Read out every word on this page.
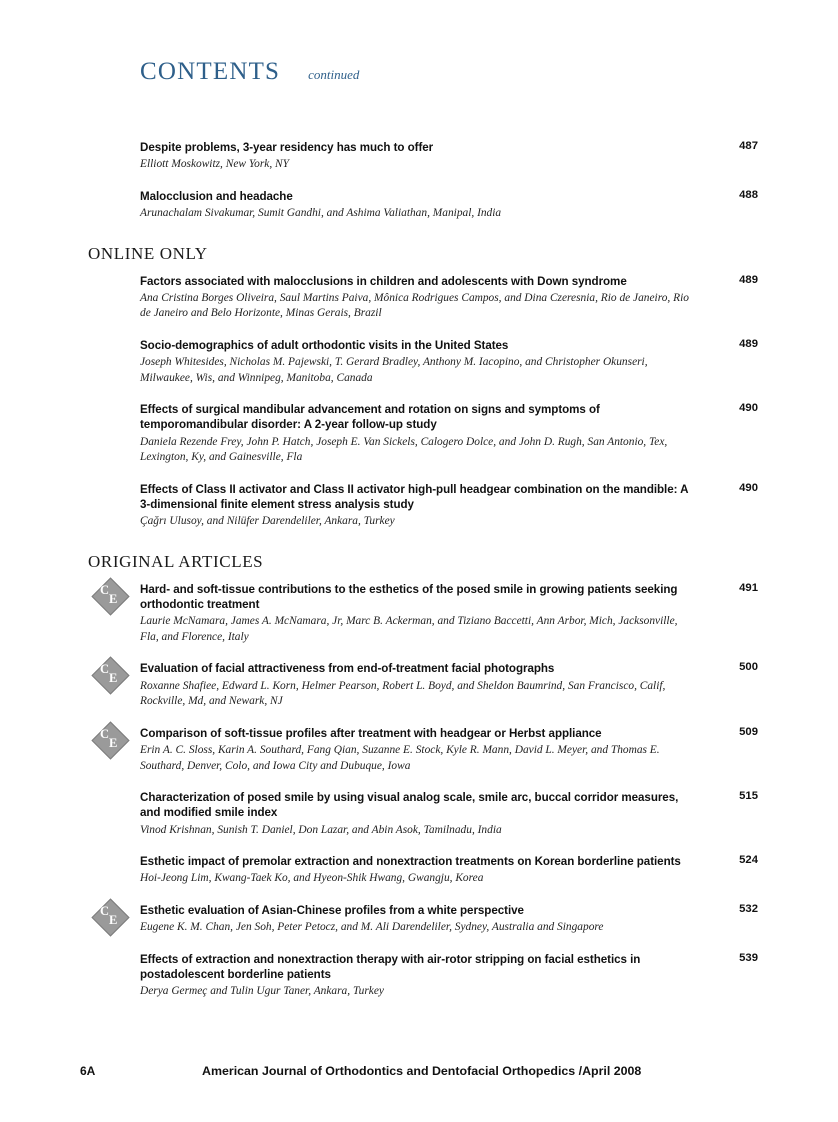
CONTENTS continued
Despite problems, 3-year residency has much to offer
Elliott Moskowitz, New York, NY
487
Malocclusion and headache
Arunachalam Sivakumar, Sumit Gandhi, and Ashima Valiathan, Manipal, India
488
ONLINE ONLY
Factors associated with malocclusions in children and adolescents with Down syndrome
Ana Cristina Borges Oliveira, Saul Martins Paiva, Mônica Rodrigues Campos, and Dina Czeresnia, Rio de Janeiro, Rio de Janeiro and Belo Horizonte, Minas Gerais, Brazil
489
Socio-demographics of adult orthodontic visits in the United States
Joseph Whitesides, Nicholas M. Pajewski, T. Gerard Bradley, Anthony M. Iacopino, and Christopher Okunseri, Milwaukee, Wis, and Winnipeg, Manitoba, Canada
489
Effects of surgical mandibular advancement and rotation on signs and symptoms of temporomandibular disorder: A 2-year follow-up study
Daniela Rezende Frey, John P. Hatch, Joseph E. Van Sickels, Calogero Dolce, and John D. Rugh, San Antonio, Tex, Lexington, Ky, and Gainesville, Fla
490
Effects of Class II activator and Class II activator high-pull headgear combination on the mandible: A 3-dimensional finite element stress analysis study
Çağrı Ulusoy, and Nilüfer Darendeliler, Ankara, Turkey
490
ORIGINAL ARTICLES
C
E
Hard- and soft-tissue contributions to the esthetics of the posed smile in growing patients seeking orthodontic treatment
Laurie McNamara, James A. McNamara, Jr, Marc B. Ackerman, and Tiziano Baccetti, Ann Arbor, Mich, Jacksonville, Fla, and Florence, Italy
491
C
E
Evaluation of facial attractiveness from end-of-treatment facial photographs
Roxanne Shafiee, Edward L. Korn, Helmer Pearson, Robert L. Boyd, and Sheldon Baumrind, San Francisco, Calif, Rockville, Md, and Newark, NJ
500
C
E
Comparison of soft-tissue profiles after treatment with headgear or Herbst appliance
Erin A. C. Sloss, Karin A. Southard, Fang Qian, Suzanne E. Stock, Kyle R. Mann, David L. Meyer, and Thomas E. Southard, Denver, Colo, and Iowa City and Dubuque, Iowa
509
Characterization of posed smile by using visual analog scale, smile arc, buccal corridor measures, and modified smile index
Vinod Krishnan, Sunish T. Daniel, Don Lazar, and Abin Asok, Tamilnadu, India
515
Esthetic impact of premolar extraction and nonextraction treatments on Korean borderline patients
Hoi-Jeong Lim, Kwang-Taek Ko, and Hyeon-Shik Hwang, Gwangju, Korea
524
C
E
Esthetic evaluation of Asian-Chinese profiles from a white perspective
Eugene K. M. Chan, Jen Soh, Peter Petocz, and M. Ali Darendeliler, Sydney, Australia and Singapore
532
Effects of extraction and nonextraction therapy with air-rotor stripping on facial esthetics in postadolescent borderline patients
Derya Germeç and Tulin Ugur Taner, Ankara, Turkey
539
6A	American Journal of Orthodontics and Dentofacial Orthopedics /April 2008
